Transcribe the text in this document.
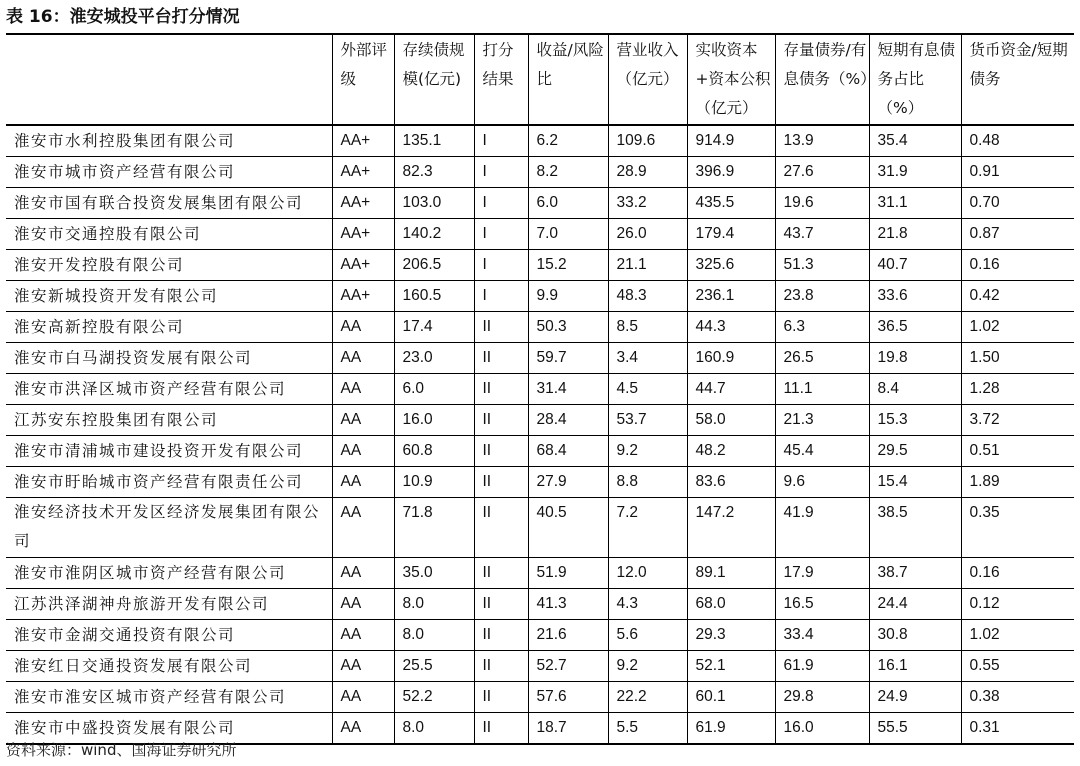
表 16：淮安城投平台打分情况
	外部评级	存续债规模(亿元)	打分结果	收益/风险比	营业收入（亿元）	实收资本+资本公积（亿元）	存量债券/有息债务（%）	短期有息债务占比（%）	货币资金/短期债务
淮安市水利控股集团有限公司	AA+	135.1	I	6.2	109.6	914.9	13.9	35.4	0.48
淮安市城市资产经营有限公司	AA+	82.3	I	8.2	28.9	396.9	27.6	31.9	0.91
淮安市国有联合投资发展集团有限公司	AA+	103.0	I	6.0	33.2	435.5	19.6	31.1	0.70
淮安市交通控股有限公司	AA+	140.2	I	7.0	26.0	179.4	43.7	21.8	0.87
淮安开发控股有限公司	AA+	206.5	I	15.2	21.1	325.6	51.3	40.7	0.16
淮安新城投资开发有限公司	AA+	160.5	I	9.9	48.3	236.1	23.8	33.6	0.42
淮安高新控股有限公司	AA	17.4	II	50.3	8.5	44.3	6.3	36.5	1.02
淮安市白马湖投资发展有限公司	AA	23.0	II	59.7	3.4	160.9	26.5	19.8	1.50
淮安市洪泽区城市资产经营有限公司	AA	6.0	II	31.4	4.5	44.7	11.1	8.4	1.28
江苏安东控股集团有限公司	AA	16.0	II	28.4	53.7	58.0	21.3	15.3	3.72
淮安市清浦城市建设投资开发有限公司	AA	60.8	II	68.4	9.2	48.2	45.4	29.5	0.51
淮安市盱眙城市资产经营有限责任公司	AA	10.9	II	27.9	8.8	83.6	9.6	15.4	1.89
淮安经济技术开发区经济发展集团有限公司	AA	71.8	II	40.5	7.2	147.2	41.9	38.5	0.35
淮安市淮阴区城市资产经营有限公司	AA	35.0	II	51.9	12.0	89.1	17.9	38.7	0.16
江苏洪泽湖神舟旅游开发有限公司	AA	8.0	II	41.3	4.3	68.0	16.5	24.4	0.12
淮安市金湖交通投资有限公司	AA	8.0	II	21.6	5.6	29.3	33.4	30.8	1.02
淮安红日交通投资发展有限公司	AA	25.5	II	52.7	9.2	52.1	61.9	16.1	0.55
淮安市淮安区城市资产经营有限公司	AA	52.2	II	57.6	22.2	60.1	29.8	24.9	0.38
淮安市中盛投资发展有限公司	AA	8.0	II	18.7	5.5	61.9	16.0	55.5	0.31
资料来源：wind、国海证券研究所
